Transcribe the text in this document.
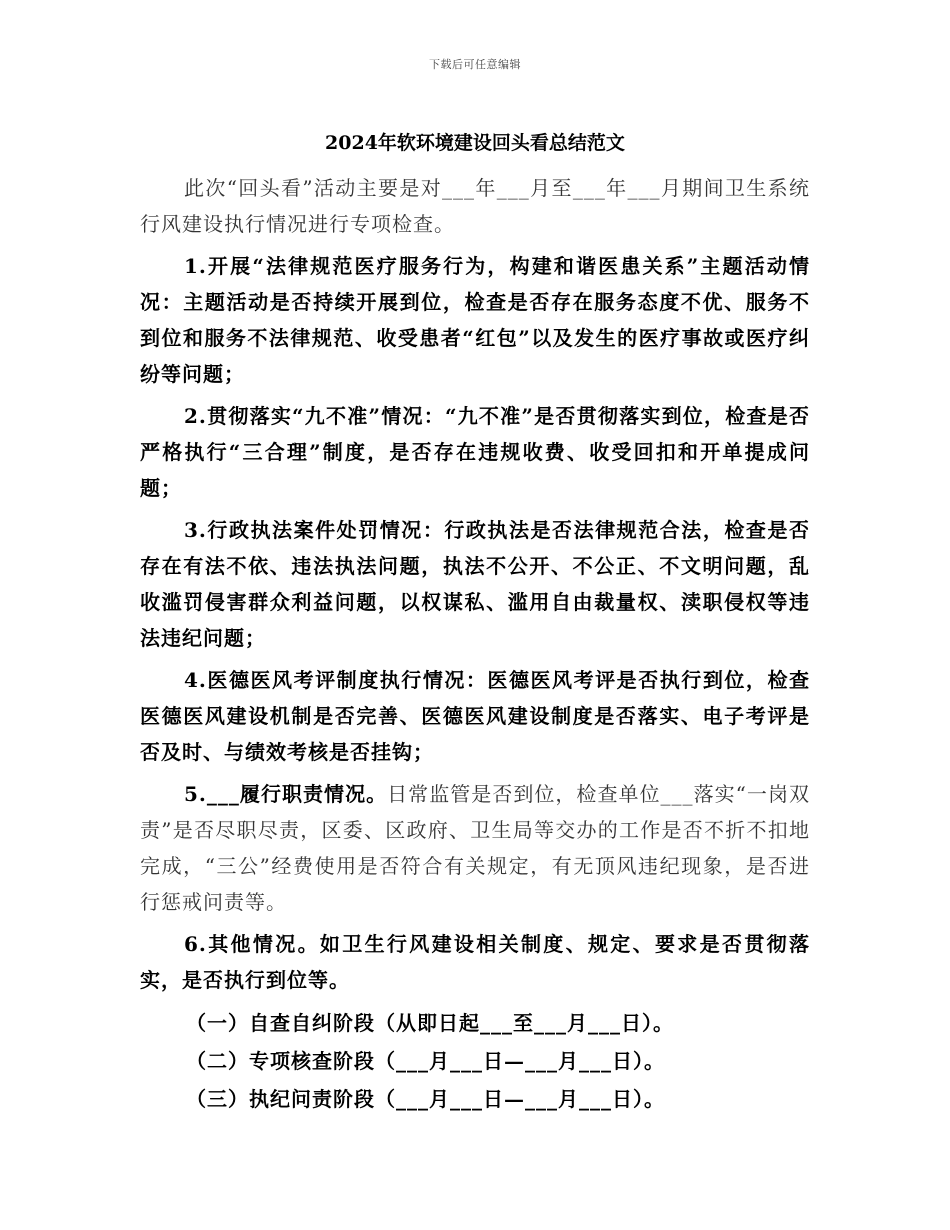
下载后可任意编辑
2024年软环境建设回头看总结范文

此次“回头看”活动主要是对___年___月至___年___月期间卫生系统行风建设执行情况进行专项检查。

1.开展“法律规范医疗服务行为，构建和谐医患关系”主题活动情况：主题活动是否持续开展到位，检查是否存在服务态度不优、服务不到位和服务不法律规范、收受患者“红包”以及发生的医疗事故或医疗纠纷等问题；

2.贯彻落实“九不准”情况：“九不准”是否贯彻落实到位，检查是否严格执行“三合理”制度，是否存在违规收费、收受回扣和开单提成问题；

3.行政执法案件处罚情况：行政执法是否法律规范合法，检查是否存在有法不依、违法执法问题，执法不公开、不公正、不文明问题，乱收滥罚侵害群众利益问题，以权谋私、滥用自由裁量权、渎职侵权等违法违纪问题；

4.医德医风考评制度执行情况：医德医风考评是否执行到位，检查医德医风建设机制是否完善、医德医风建设制度是否落实、电子考评是否及时、与绩效考核是否挂钩；

5.___履行职责情况。日常监管是否到位，检查单位___落实“一岗双责”是否尽职尽责，区委、区政府、卫生局等交办的工作是否不折不扣地完成，“三公”经费使用是否符合有关规定，有无顶风违纪现象，是否进行惩戒问责等。

6.其他情况。如卫生行风建设相关制度、规定、要求是否贯彻落实，是否执行到位等。

（一）自查自纠阶段（从即日起___至___月___日）。

（二）专项核查阶段（___月___日—___月___日）。

（三）执纪问责阶段（___月___日—___月___日）。
